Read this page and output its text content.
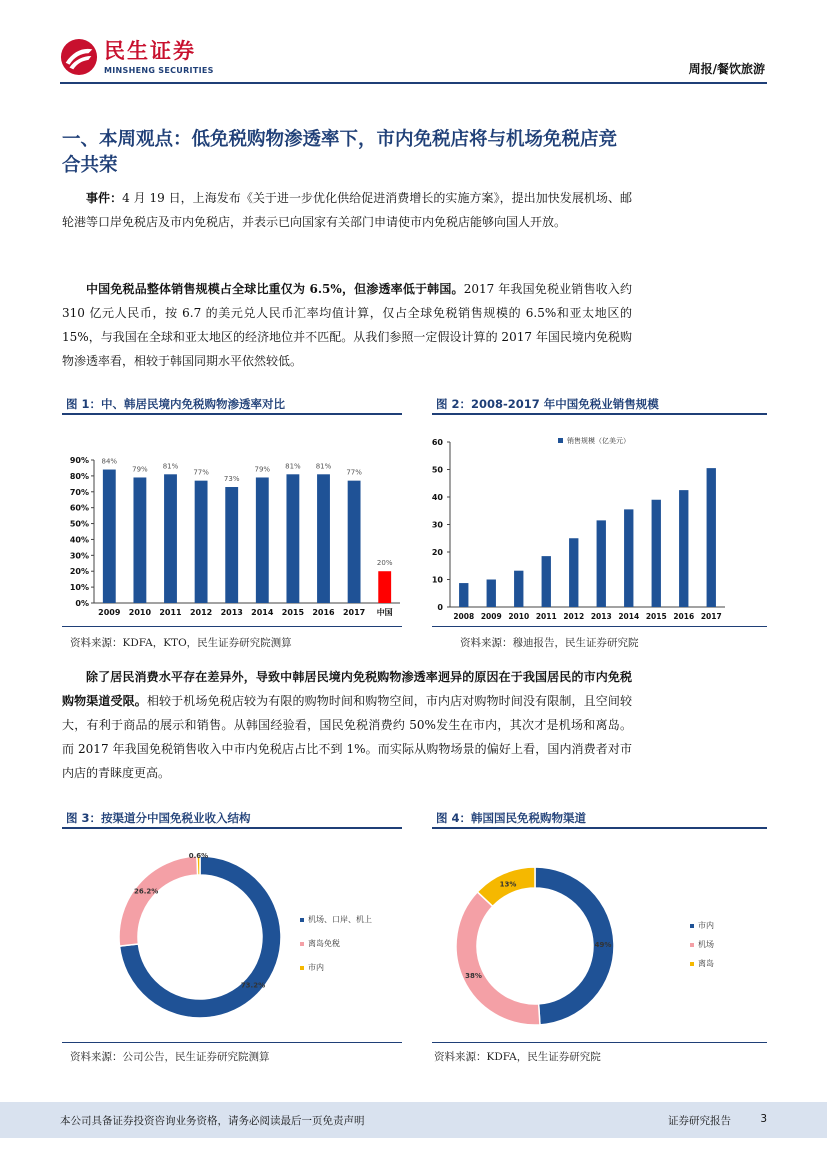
民生证券
MINSHENG SECURITIES	周报/餐饮旅游
一、本周观点：低免税购物渗透率下，市内免税店将与机场免税店竞合共荣
事件：4 月 19 日，上海发布《关于进一步优化供给促进消费增长的实施方案》，提出加快发展机场、邮轮港等口岸免税店及市内免税店，并表示已向国家有关部门申请使市内免税店能够向国人开放。
中国免税品整体销售规模占全球比重仅为 6.5%，但渗透率低于韩国。2017 年我国免税业销售收入约 310 亿元人民币，按 6.7 的美元兑人民币汇率均值计算，仅占全球免税销售规模的 6.5%和亚太地区的 15%，与我国在全球和亚太地区的经济地位并不匹配。从我们参照一定假设计算的 2017 年国民境内免税购物渗透率看，相较于韩国同期水平依然较低。
图 1：中、韩居民境内免税购物渗透率对比	图 2：2008-2017 年中国免税业销售规模
0%
10%
20%
30%
40%
50%
60%
70%
80%
90% 84%
2009
79%
2010
81%
2011
77%
2012
73%
2013
79%
2014
81%
2015
81%
2016
77%
2017
20%
中国
0
10
20
30
40
50
60
2008 2009 2010 2011 2012 2013 2014 2015 2016 2017
销售规模（亿美元）
资料来源：KDFA，KTO，民生证券研究院测算	资料来源：穆迪报告，民生证券研究院
除了居民消费水平存在差异外，导致中韩居民境内免税购物渗透率迥异的原因在于我国居民的市内免税购物渠道受限。相较于机场免税店较为有限的购物时间和购物空间，市内店对购物时间没有限制，且空间较大，有利于商品的展示和销售。从韩国经验看，国民免税消费约 50%发生在市内，其次才是机场和离岛。而 2017 年我国免税销售收入中市内免税店占比不到 1%。而实际从购物场景的偏好上看，国内消费者对市内店的青睐度更高。
图 3：按渠道分中国免税业收入结构	图 4：韩国国民免税购物渠道
73.2%
26.2%
0.6%
机场、口岸、机上
离岛免税
市内
49%
38%
13%
市内
机场
离岛
资料来源：公司公告，民生证券研究院测算	资料来源：KDFA，民生证券研究院
本公司具备证券投资咨询业务资格，请务必阅读最后一页免责声明	证券研究报告	3
